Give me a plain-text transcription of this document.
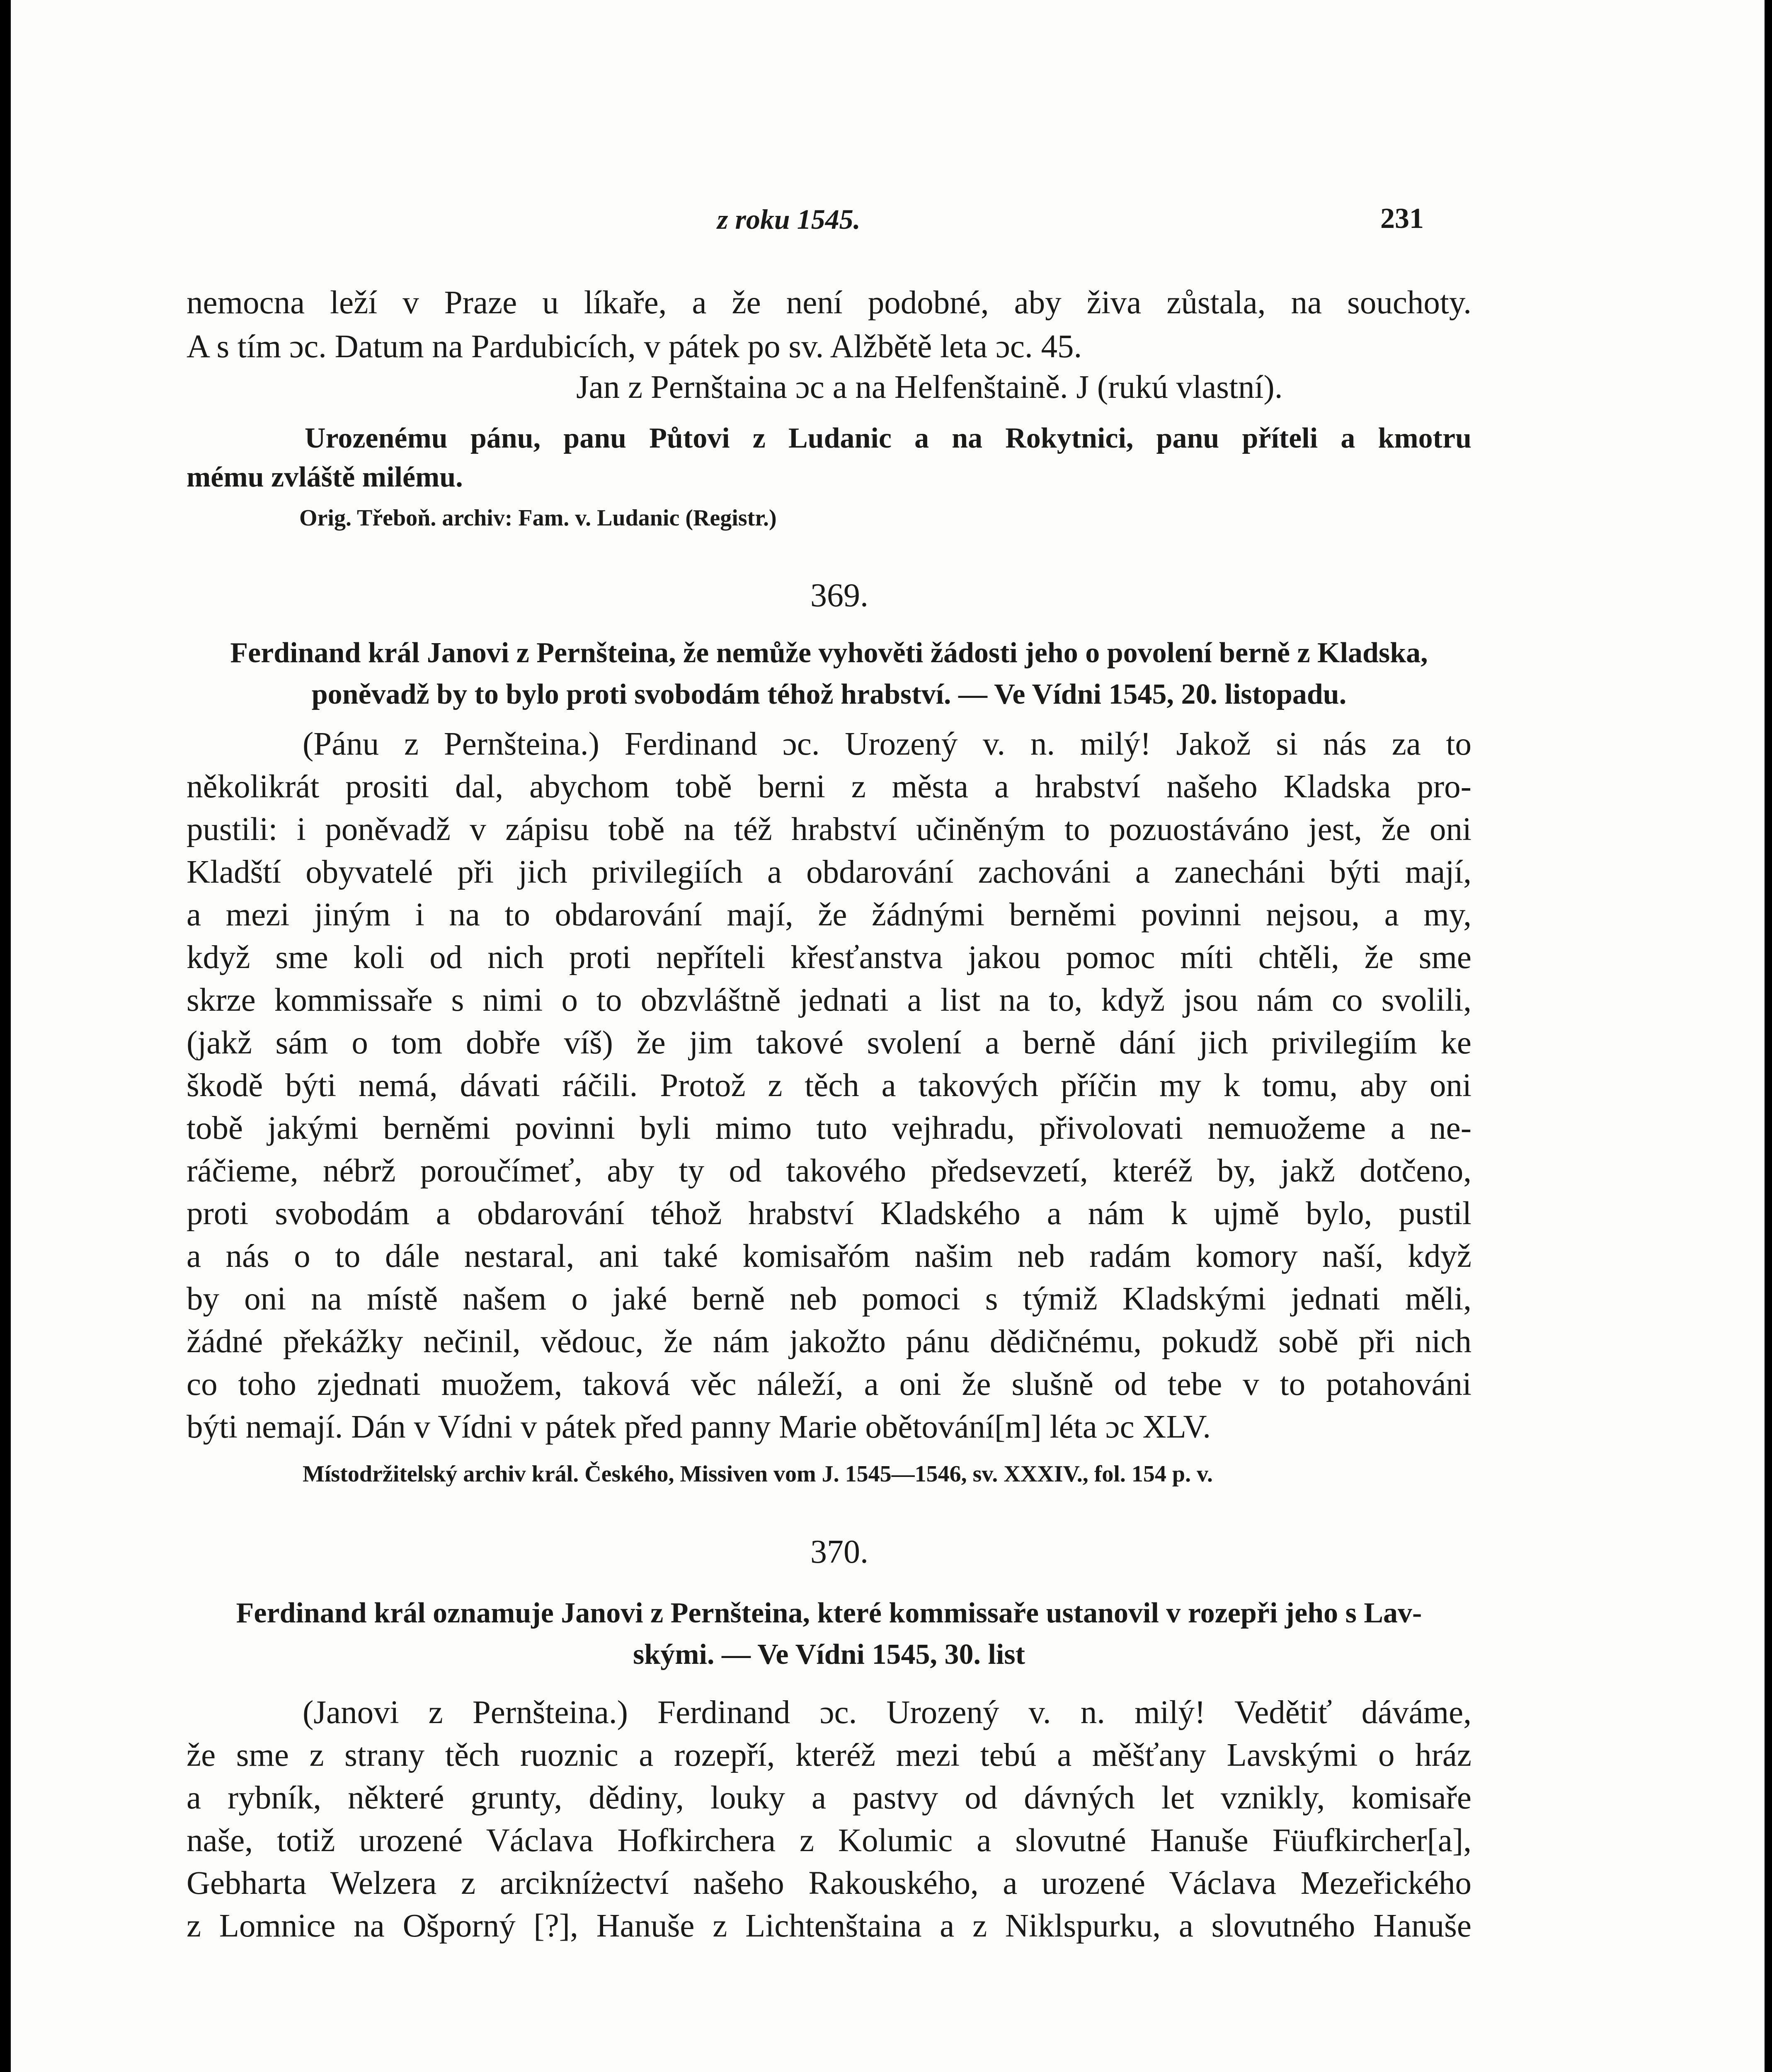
z roku 1545.	231
nemocna leží v Praze u líkaře, a že není podobné, aby živa zůstala, na souchoty.
A s tím ɔc. Datum na Pardubicích, v pátek po sv. Alžbětě leta ɔc. 45.
Jan z Pernštaina ɔc a na Helfenštaině. J (rukú vlastní).
Urozenému pánu, panu Půtovi z Ludanic a na Rokytnici, panu příteli a kmotru
mému zvláště milému.
Orig. Třeboň. archiv: Fam. v. Ludanic (Registr.)
369.
Ferdinand král Janovi z Pernšteina, že nemůže vyhověti žádosti jeho o povolení berně z Kladska,
poněvadž by to bylo proti svobodám téhož hrabství. — Ve Vídni 1545, 20. listopadu.
(Pánu z Pernšteina.) Ferdinand ɔc. Urozený v. n. milý! Jakož si nás za to
několikrát prositi dal, abychom tobě berni z města a hrabství našeho Kladska pro-
pustili: i poněvadž v zápisu tobě na též hrabství učiněným to pozuostáváno jest, že oni
Kladští obyvatelé při jich privilegiích a obdarování zachováni a zanecháni býti mají,
a mezi jiným i na to obdarování mají, že žádnými berněmi povinni nejsou, a my,
když sme koli od nich proti nepříteli křesťanstva jakou pomoc míti chtěli, že sme
skrze kommissaře s nimi o to obzvláštně jednati a list na to, když jsou nám co svolili,
(jakž sám o tom dobře víš) že jim takové svolení a berně dání jich privilegiím ke
škodě býti nemá, dávati ráčili. Protož z těch a takových příčin my k tomu, aby oni
tobě jakými berněmi povinni byli mimo tuto vejhradu, přivolovati nemuožeme a ne-
ráčieme, nébrž poroučímeť, aby ty od takového předsevzetí, kteréž by, jakž dotčeno,
proti svobodám a obdarování téhož hrabství Kladského a nám k ujmě bylo, pustil
a nás o to dále nestaral, ani také komisařóm našim neb radám komory naší, když
by oni na místě našem o jaké berně neb pomoci s týmiž Kladskými jednati měli,
žádné překážky nečinil, vědouc, že nám jakožto pánu dědičnému, pokudž sobě při nich
co toho zjednati muožem, taková věc náleží, a oni že slušně od tebe v to potahováni
býti nemají. Dán v Vídni v pátek před panny Marie obětování[m] léta ɔc XLV.
Místodržitelský archiv král. Českého, Missiven vom J. 1545—1546, sv. XXXIV., fol. 154 p. v.
370.
Ferdinand král oznamuje Janovi z Pernšteina, které kommissaře ustanovil v rozepři jeho s Lav-
skými. — Ve Vídni 1545, 30. list
(Janovi z Pernšteina.) Ferdinand ɔc. Urozený v. n. milý! Vedětiť dáváme,
že sme z strany těch ruoznic a rozepří, kteréž mezi tebú a měšťany Lavskými o hráz
a rybník, některé grunty, dědiny, louky a pastvy od dávných let vznikly, komisaře
naše, totiž urozené Václava Hofkirchera z Kolumic a slovutné Hanuše Füufkircher[a],
Gebharta Welzera z arcikníżectví našeho Rakouského, a urozené Václava Mezeřického
z Lomnice na Ošporný [?], Hanuše z Lichtenštaina a z Niklspurku, a slovutného Hanuše
